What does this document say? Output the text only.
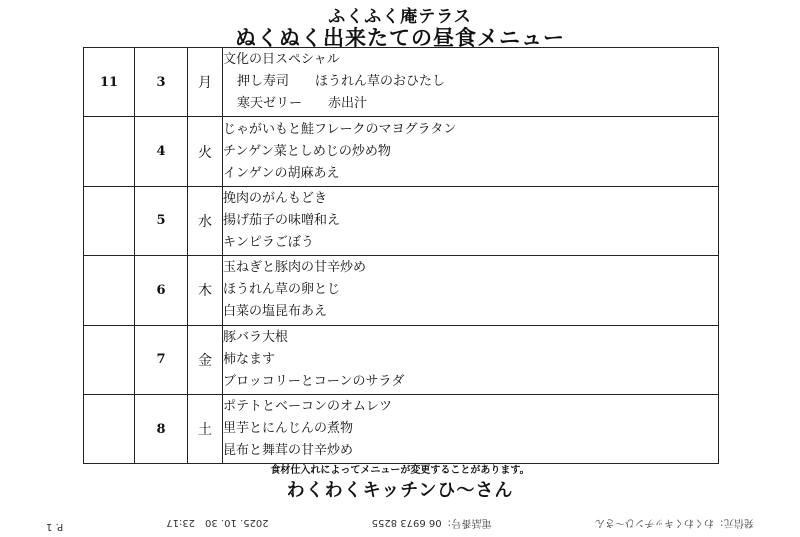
ふくふく庵テラス
ぬくぬく出来たての昼食メニュー
11	3	月	文化の日スペシャル
押し寿司　　ほうれん草のおひたし
寒天ゼリー　　赤出汁

	4	火	じゃがいもと鮭フレークのマヨグラタン
チンゲン菜としめじの炒め物
インゲンの胡麻あえ

	5	水	挽肉のがんもどき
揚げ茄子の味噌和え
キンピラごぼう

	6	木	玉ねぎと豚肉の甘辛炒め
ほうれん草の卵とじ
白菜の塩昆布あえ

	7	金	豚バラ大根
柿なます
ブロッコリーとコーンのサラダ

	8	土	ポテトとベーコンのオムレツ
里芋とにんじんの煮物
昆布と舞茸の甘辛炒め
食材仕入れによってメニューが変更することがあります。
わくわくキッチンひ～さん
発信元：わくわくキッチンひ～さん
電話番号：06 6973 8255
2025. 10. 30　23:17
P. 1
